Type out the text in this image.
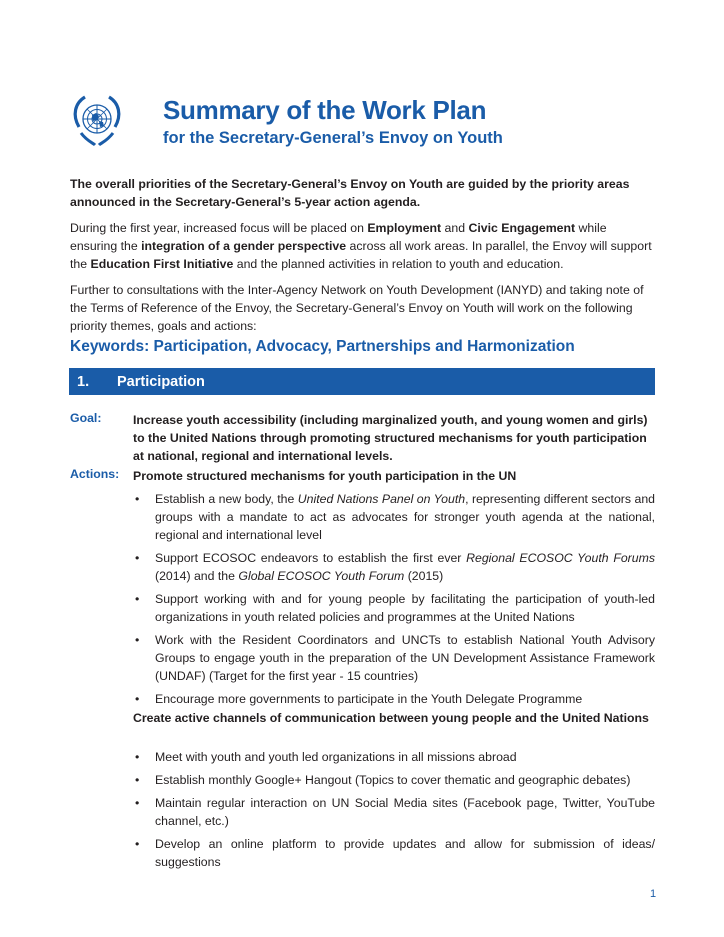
Summary of the Work Plan
for the Secretary-General’s Envoy on Youth
The overall priorities of the Secretary-General’s Envoy on Youth are guided by the priority areas announced in the Secretary-General’s 5-year action agenda.
During the first year, increased focus will be placed on Employment and Civic Engagement while ensuring the integration of a gender perspective across all work areas. In parallel, the Envoy will support the Education First Initiative and the planned activities in relation to youth and education.
Further to consultations with the Inter-Agency Network on Youth Development (IANYD) and taking note of the Terms of Reference of the Envoy, the Secretary-General’s Envoy on Youth will work on the following priority themes, goals and actions:
Keywords: Participation, Advocacy, Partnerships and Harmonization
1. Participation
Goal:	Increase youth accessibility (including marginalized youth, and young women and girls) to the United Nations through promoting structured mechanisms for youth participation at national, regional and international levels.
Actions: Promote structured mechanisms for youth participation in the UN
• Establish a new body, the United Nations Panel on Youth, representing different sectors and groups with a mandate to act as advocates for stronger youth agenda at the national, regional and international level
• Support ECOSOC endeavors to establish the first ever Regional ECOSOC Youth Forums (2014) and the Global ECOSOC Youth Forum (2015)
• Support working with and for young people by facilitating the participation of youth-led organizations in youth related policies and programmes at the United Nations
• Work with the Resident Coordinators and UNCTs to establish National Youth Advisory Groups to engage youth in the preparation of the UN Development Assistance Framework (UNDAF) (Target for the first year - 15 countries)
• Encourage more governments to participate in the Youth Delegate Programme
Create active channels of communication between young people and the United Nations
• Meet with youth and youth led organizations in all missions abroad
• Establish monthly Google+ Hangout (Topics to cover thematic and geographic debates)
• Maintain regular interaction on UN Social Media sites (Facebook page, Twitter, YouTube channel, etc.)
• Develop an online platform to provide updates and allow for submission of ideas/ suggestions
1
